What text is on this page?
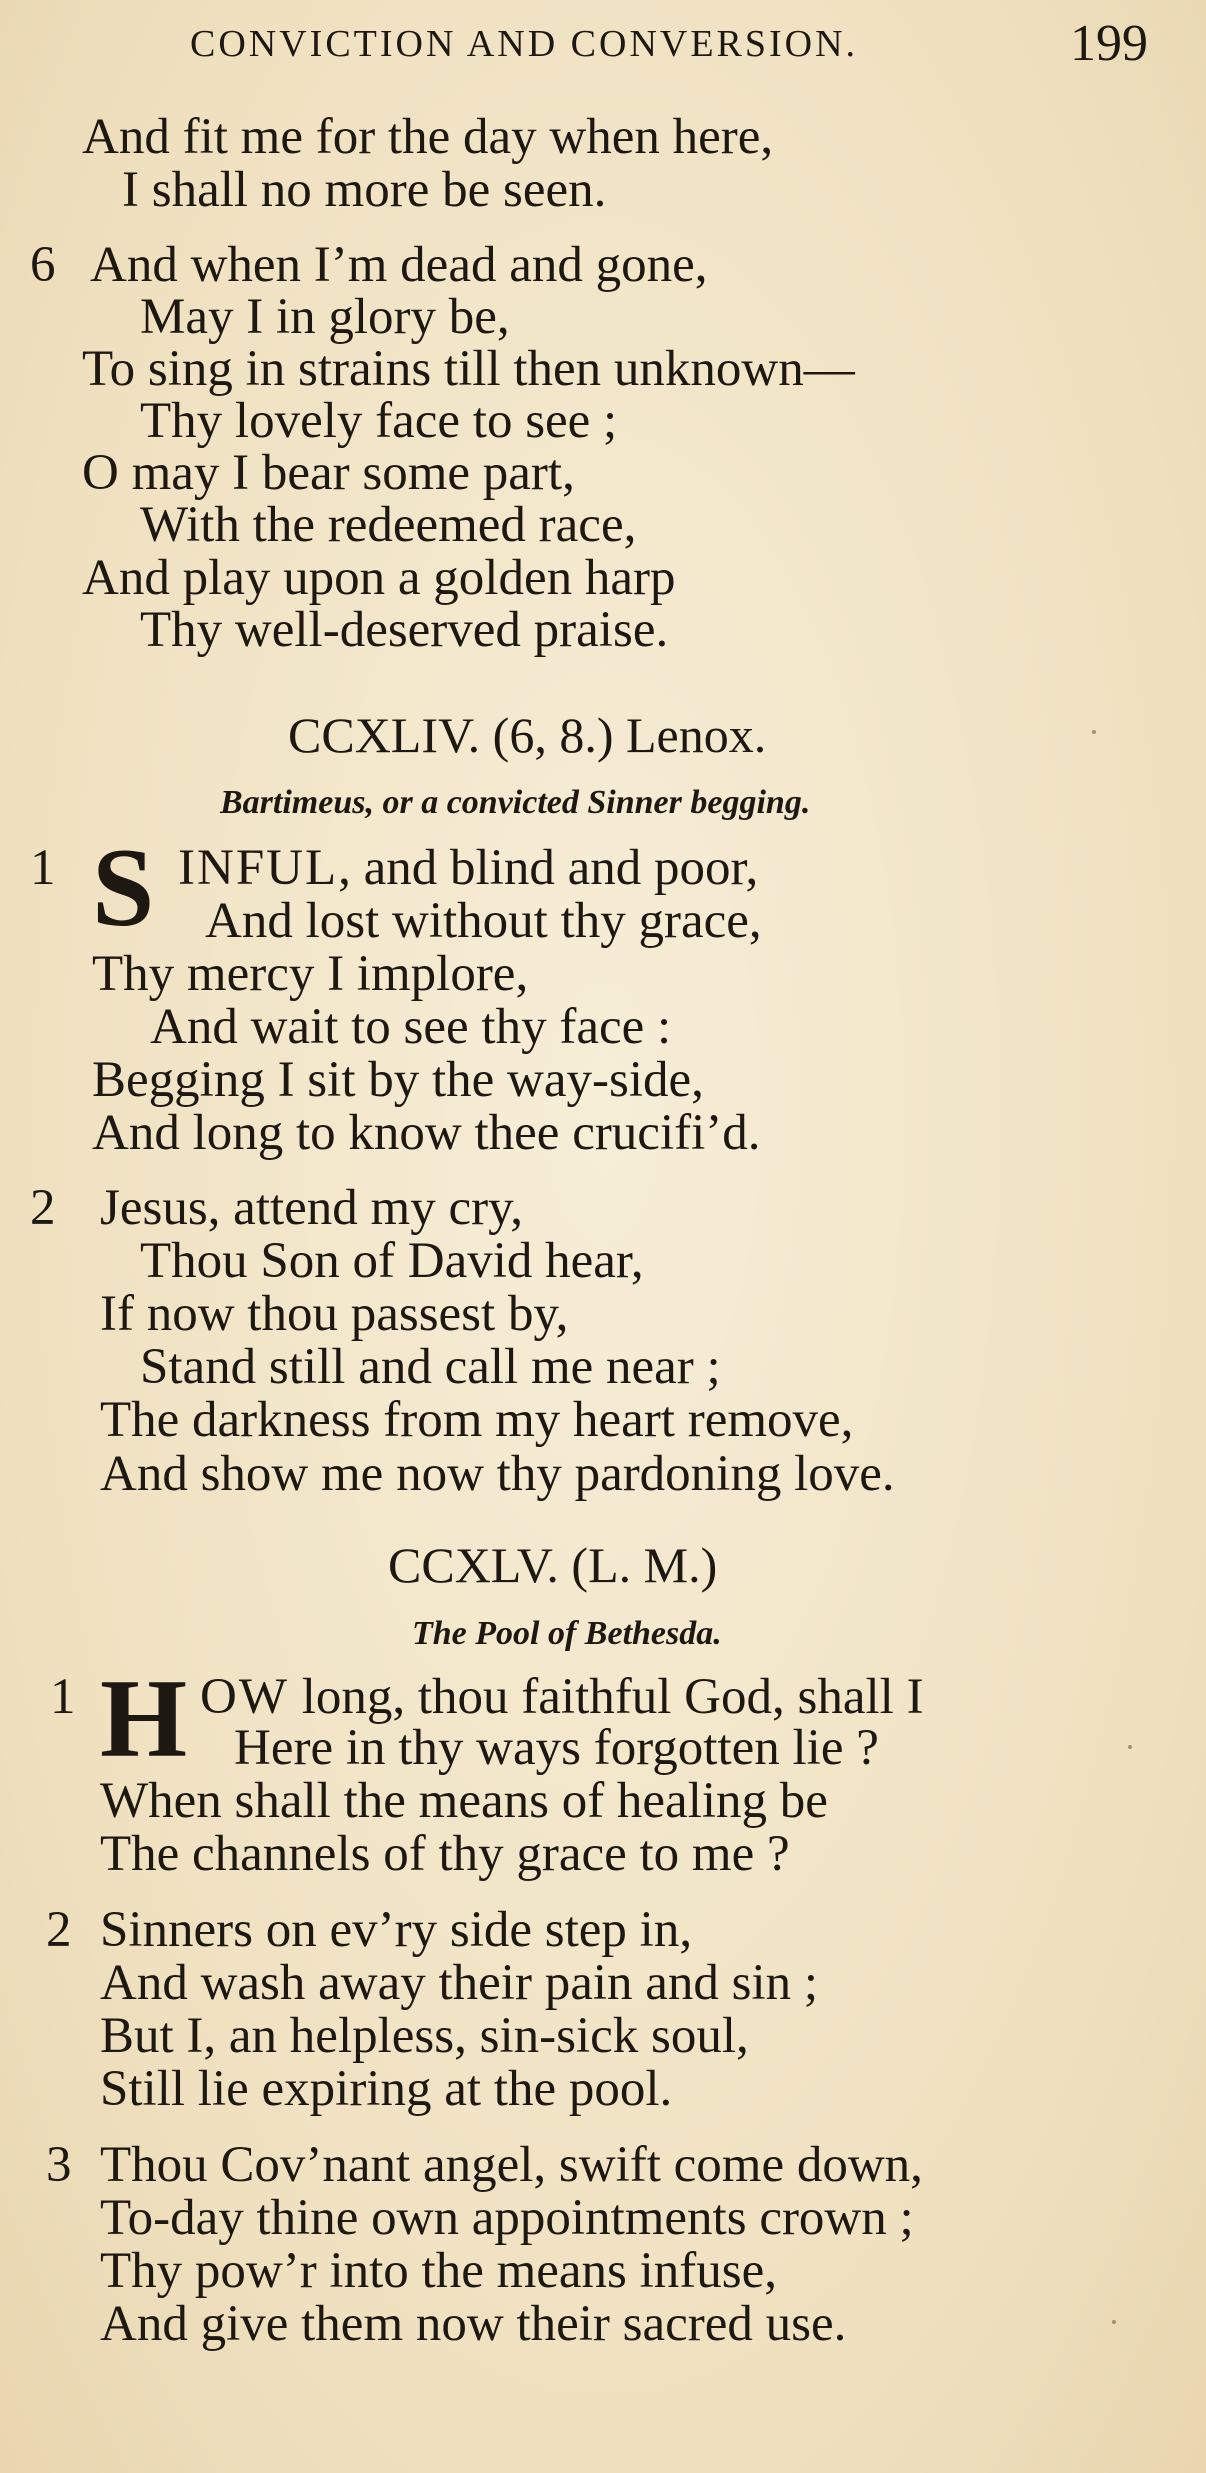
CONVICTION AND CONVERSION.	199
And fit me for the day when here,
I shall no more be seen.
6 And when I’m dead and gone,
May I in glory be,
To sing in strains till then unknown—
Thy lovely face to see ;
O may I bear some part,
With the redeemed race,
And play upon a golden harp
Thy well-deserved praise.
CCXLIV. (6, 8.) Lenox.
Bartimeus, or a convicted Sinner begging.
1 S INFUL, and blind and poor,
And lost without thy grace,
Thy mercy I implore,
And wait to see thy face :
Begging I sit by the way-side,
And long to know thee crucifi’d.
2 Jesus, attend my cry,
Thou Son of David hear,
If now thou passest by,
Stand still and call me near ;
The darkness from my heart remove,
And show me now thy pardoning love.
CCXLV. (L. M.)
The Pool of Bethesda.
1 H OW long, thou faithful God, shall I
Here in thy ways forgotten lie ?
When shall the means of healing be
The channels of thy grace to me ?
2 Sinners on ev’ry side step in,
And wash away their pain and sin ;
But I, an helpless, sin-sick soul,
Still lie expiring at the pool.
3 Thou Cov’nant angel, swift come down,
To-day thine own appointments crown ;
Thy pow’r into the means infuse,
And give them now their sacred use.
